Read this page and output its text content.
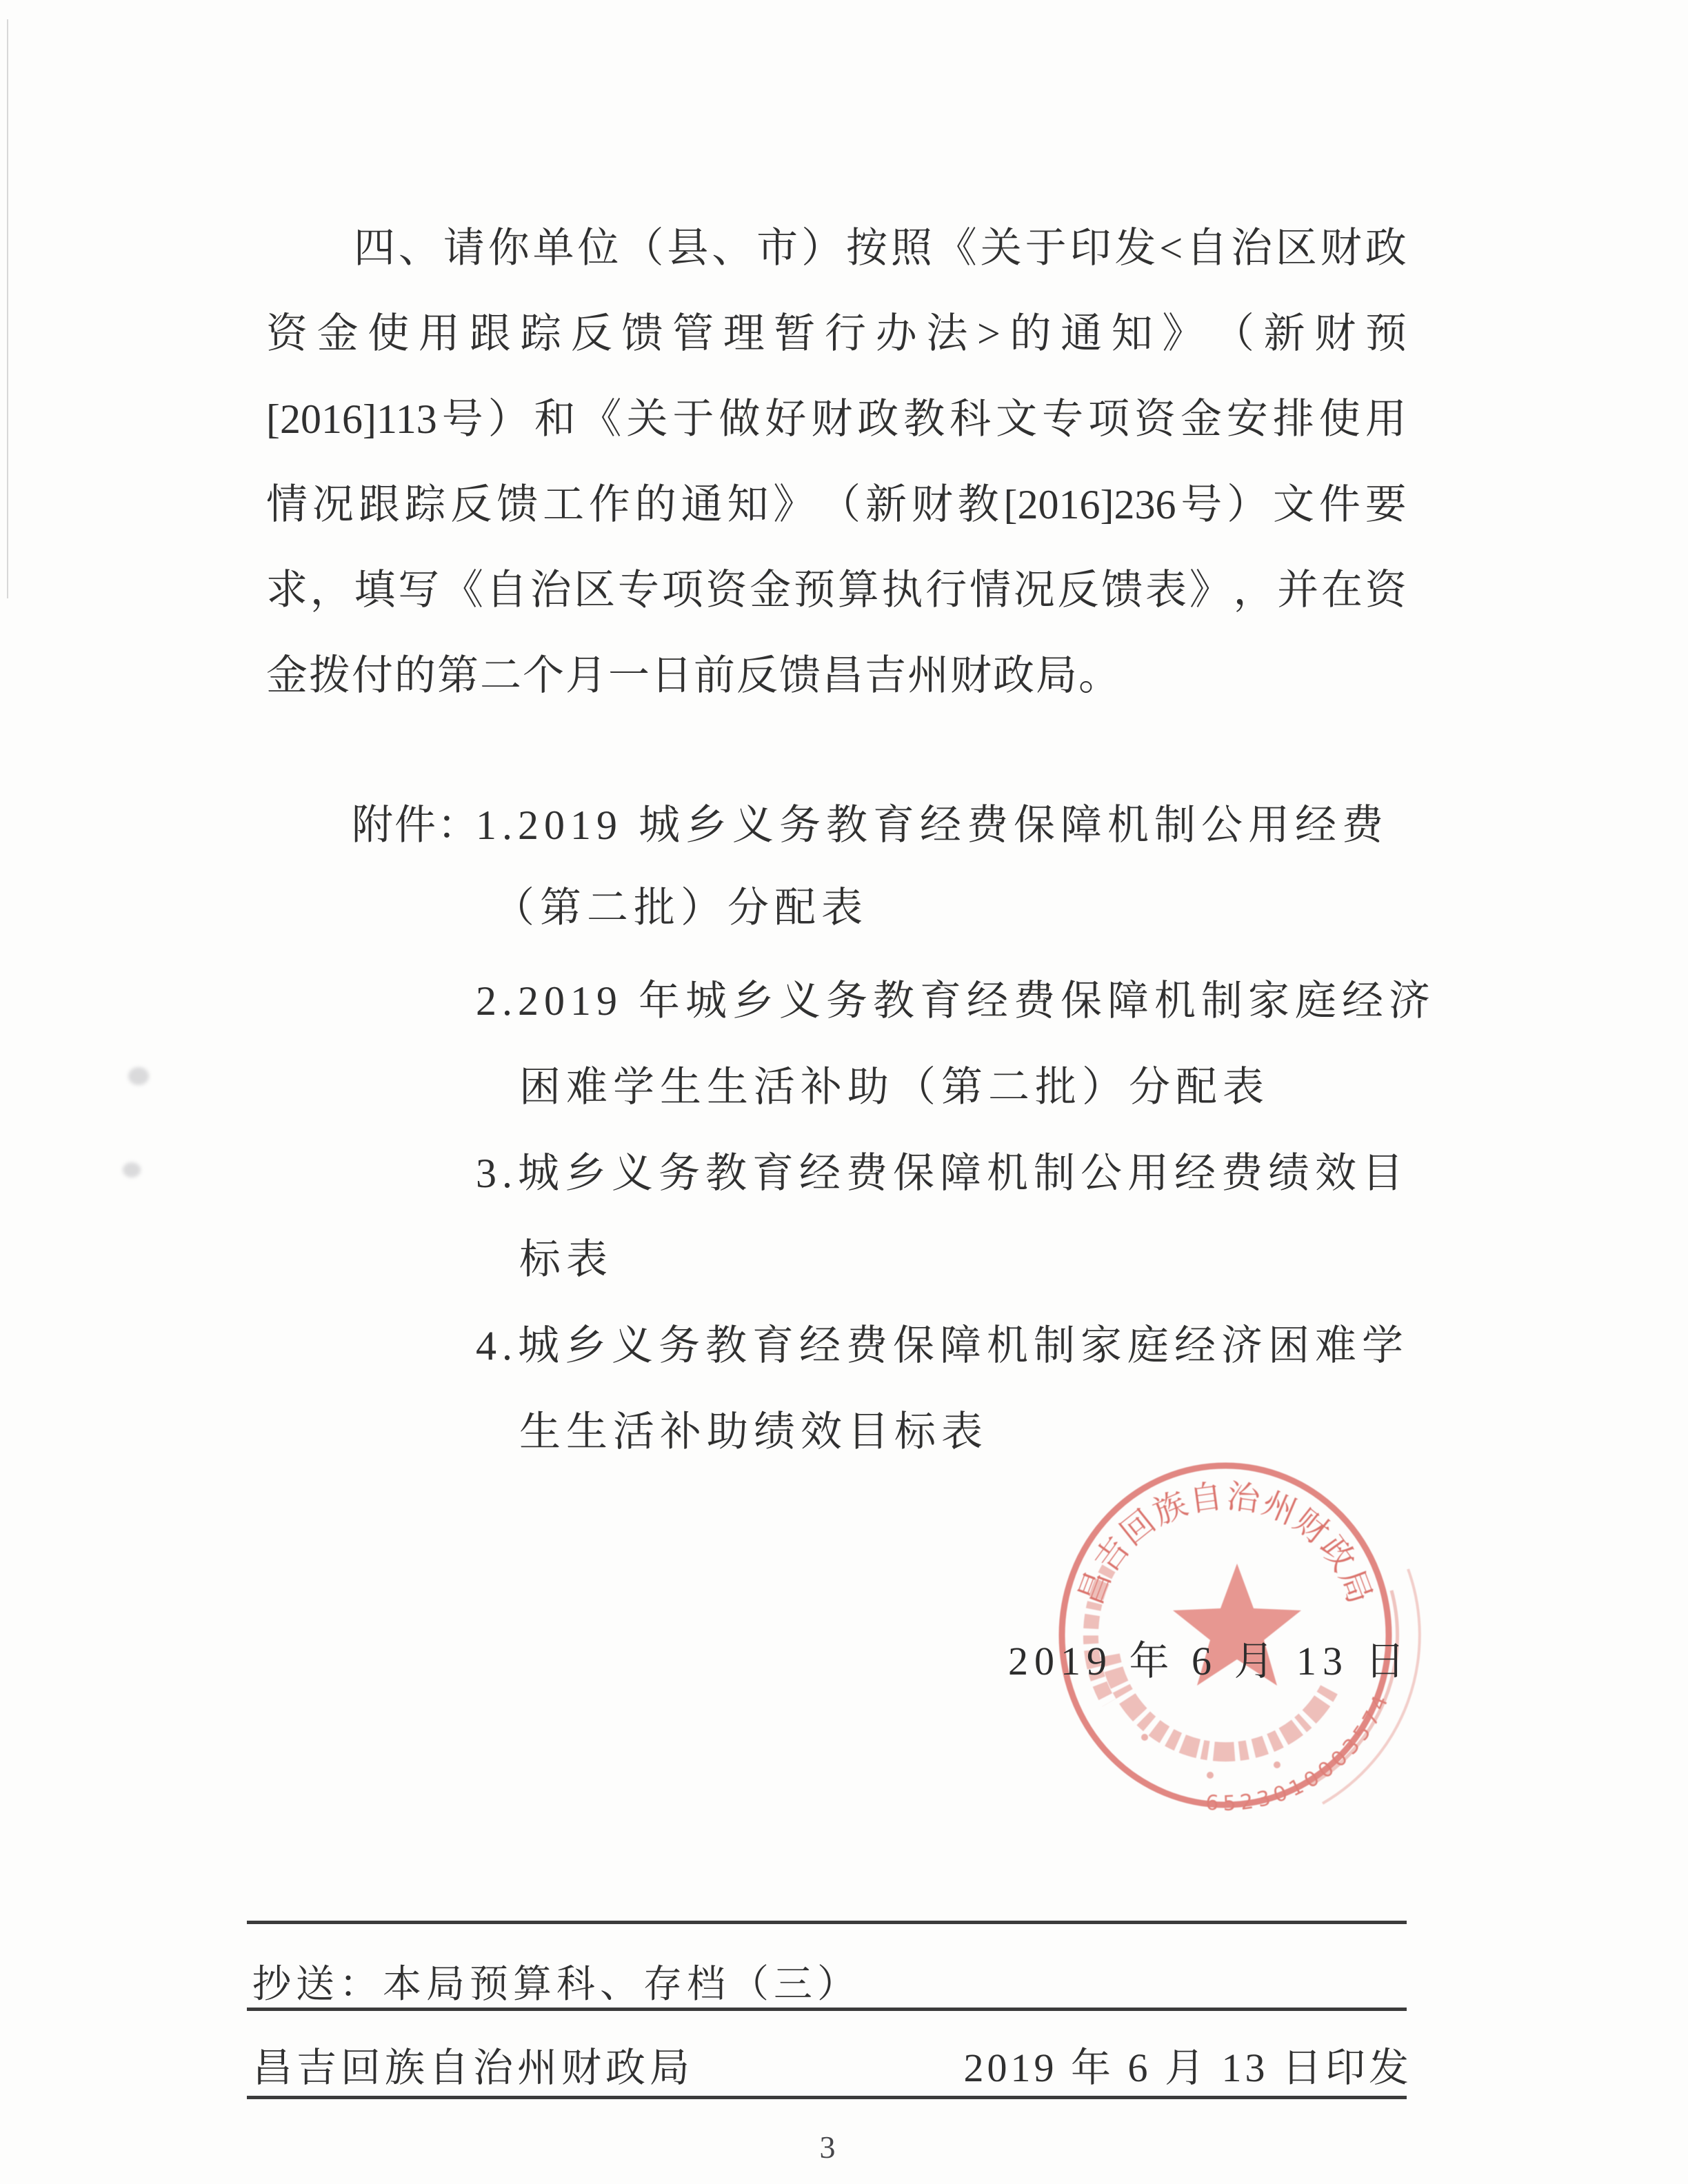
四 、 请 你 单 位 （ 县 、 市 ） 按 照 《 关 于 印 发 < 自 治 区 财 政
资 金 使 用 跟 踪 反 馈 管 理 暂 行 办 法 > 的 通 知 》 （ 新 财 预
[2016]113 号 ） 和 《 关 于 做 好 财 政 教 科 文 专 项 资 金 安 排 使 用
情 况 跟 踪 反 馈 工 作 的 通 知 》 （ 新 财 教 [2016]236 号 ） 文 件 要
求 ， 填 写 《 自 治 区 专 项 资 金 预 算 执 行 情 况 反 馈 表 》 ， 并 在 资
金拨付的第二个月一日前反馈昌吉州财政局。
附件：
1.2019 城乡义务教育经费保障机制公用经费
（第二批）分配表
2.2019 年城乡义务教育经费保障机制家庭经济
困难学生生活补助（第二批）分配表
3.城乡义务教育经费保障机制公用经费绩效目
标表
4.城乡义务教育经费保障机制家庭经济困难学
生生活补助绩效目标表
2019 年 6 月 13 日
昌吉回族自治州财政局
6523010003574
抄送：本局预算科、存档（三）
昌吉回族自治州财政局	2019 年 6 月 13 日印发
3
